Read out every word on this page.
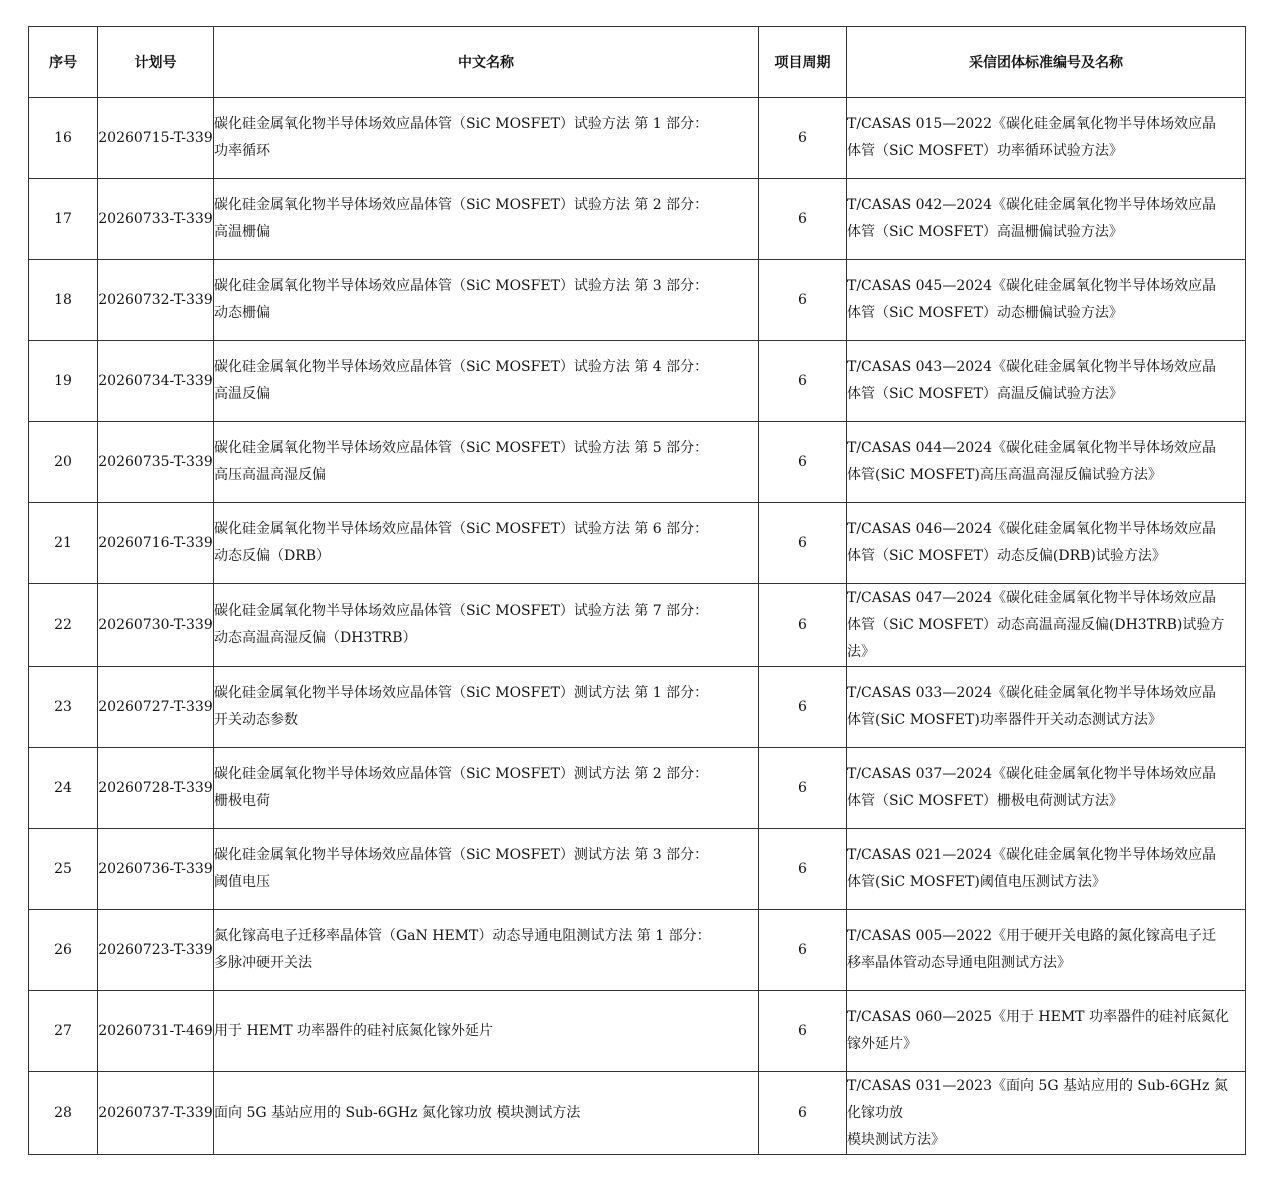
序号	计划号	中文名称	项目周期	采信团体标准编号及名称
16	20260715-T-339	碳化硅金属氧化物半导体场效应晶体管（SiC MOSFET）试验方法 第 1 部分：
功率循环	6	T/CASAS 015—2022《碳化硅金属氧化物半导体场效应晶
体管（SiC MOSFET）功率循环试验方法》
17	20260733-T-339	碳化硅金属氧化物半导体场效应晶体管（SiC MOSFET）试验方法 第 2 部分：
高温栅偏	6	T/CASAS 042—2024《碳化硅金属氧化物半导体场效应晶
体管（SiC MOSFET）高温栅偏试验方法》
18	20260732-T-339	碳化硅金属氧化物半导体场效应晶体管（SiC MOSFET）试验方法 第 3 部分：
动态栅偏	6	T/CASAS 045—2024《碳化硅金属氧化物半导体场效应晶
体管（SiC MOSFET）动态栅偏试验方法》
19	20260734-T-339	碳化硅金属氧化物半导体场效应晶体管（SiC MOSFET）试验方法 第 4 部分：
高温反偏	6	T/CASAS 043—2024《碳化硅金属氧化物半导体场效应晶
体管（SiC MOSFET）高温反偏试验方法》
20	20260735-T-339	碳化硅金属氧化物半导体场效应晶体管（SiC MOSFET）试验方法 第 5 部分：
高压高温高湿反偏	6	T/CASAS 044—2024《碳化硅金属氧化物半导体场效应晶
体管(SiC MOSFET)高压高温高湿反偏试验方法》
21	20260716-T-339	碳化硅金属氧化物半导体场效应晶体管（SiC MOSFET）试验方法 第 6 部分：
动态反偏（DRB）	6	T/CASAS 046—2024《碳化硅金属氧化物半导体场效应晶
体管（SiC MOSFET）动态反偏(DRB)试验方法》
22	20260730-T-339	碳化硅金属氧化物半导体场效应晶体管（SiC MOSFET）试验方法 第 7 部分：
动态高温高湿反偏（DH3TRB）	6	T/CASAS 047—2024《碳化硅金属氧化物半导体场效应晶
体管（SiC MOSFET）动态高温高湿反偏(DH3TRB)试验方
法》
23	20260727-T-339	碳化硅金属氧化物半导体场效应晶体管（SiC MOSFET）测试方法 第 1 部分：
开关动态参数	6	T/CASAS 033—2024《碳化硅金属氧化物半导体场效应晶
体管(SiC MOSFET)功率器件开关动态测试方法》
24	20260728-T-339	碳化硅金属氧化物半导体场效应晶体管（SiC MOSFET）测试方法 第 2 部分：
栅极电荷	6	T/CASAS 037—2024《碳化硅金属氧化物半导体场效应晶
体管（SiC MOSFET）栅极电荷测试方法》
25	20260736-T-339	碳化硅金属氧化物半导体场效应晶体管（SiC MOSFET）测试方法 第 3 部分：
阈值电压	6	T/CASAS 021—2024《碳化硅金属氧化物半导体场效应晶
体管(SiC MOSFET)阈值电压测试方法》
26	20260723-T-339	氮化镓高电子迁移率晶体管（GaN HEMT）动态导通电阻测试方法 第 1 部分：
多脉冲硬开关法	6	T/CASAS 005—2022《用于硬开关电路的氮化镓高电子迁
移率晶体管动态导通电阻测试方法》
27	20260731-T-469	用于 HEMT 功率器件的硅衬底氮化镓外延片	6	T/CASAS 060—2025《用于 HEMT 功率器件的硅衬底氮化
镓外延片》
28	20260737-T-339	面向 5G 基站应用的 Sub-6GHz 氮化镓功放 模块测试方法	6	T/CASAS 031—2023《面向 5G 基站应用的 Sub-6GHz 氮
化镓功放
模块测试方法》
